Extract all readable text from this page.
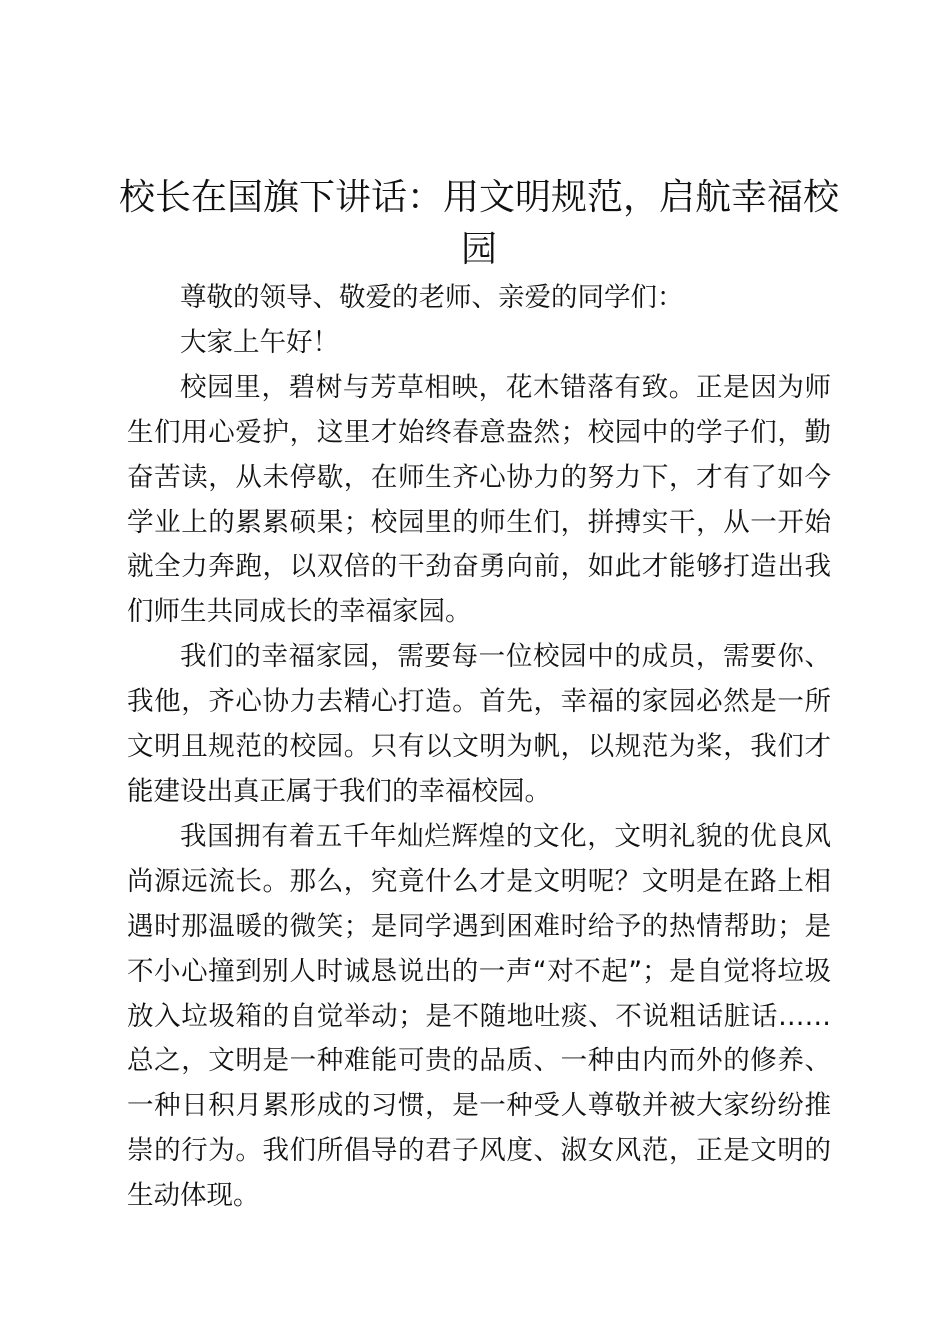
校长在国旗下讲话：用文明规范，启航幸福校园

尊敬的领导、敬爱的老师、亲爱的同学们：

大家上午好！

校园里，碧树与芳草相映，花木错落有致。正是因为师生们用心爱护，这里才始终春意盎然；校园中的学子们，勤奋苦读，从未停歇，在师生齐心协力的努力下，才有了如今学业上的累累硕果；校园里的师生们，拼搏实干，从一开始就全力奔跑，以双倍的干劲奋勇向前，如此才能够打造出我们师生共同成长的幸福家园。

我们的幸福家园，需要每一位校园中的成员，需要你、我他，齐心协力去精心打造。首先，幸福的家园必然是一所文明且规范的校园。只有以文明为帆，以规范为桨，我们才能建设出真正属于我们的幸福校园。

我国拥有着五千年灿烂辉煌的文化，文明礼貌的优良风尚源远流长。那么，究竟什么才是文明呢？文明是在路上相遇时那温暖的微笑；是同学遇到困难时给予的热情帮助；是不小心撞到别人时诚恳说出的一声“对不起”；是自觉将垃圾放入垃圾箱的自觉举动；是不随地吐痰、不说粗话脏话……总之，文明是一种难能可贵的品质、一种由内而外的修养、一种日积月累形成的习惯，是一种受人尊敬并被大家纷纷推崇的行为。我们所倡导的君子风度、淑女风范，正是文明的生动体现。
